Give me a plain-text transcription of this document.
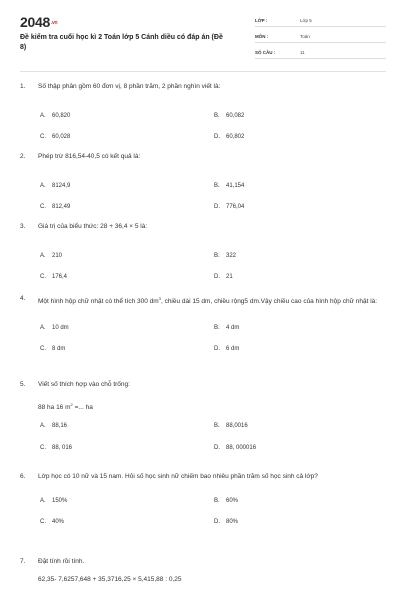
2048.vn
Đề kiểm tra cuối học kì 2 Toán lớp 5 Cánh diều có đáp án (Đề 8)
LỚP :	Lớp 5
MÔN :	Toán
SỐ CÂU :	11
1.	Số thập phân gồm 60 đơn vị, 8 phần trăm, 2 phần nghìn viết là:
A.	60,820	B.	60,082
C.	60,028	D.	60,802
2.	Phép trừ 816,54-40,5 có kết quả là:
A.	8124,9	B.	41,154
C.	812,49	D.	776,04
3.	Giá trị của biểu thức: 28 + 36,4 × 5 là:
A.	210	B.	322
C.	176,4	D.	21
4.	Một hình hộp chữ nhật có thể tích 300 $dm^3$, chiều dài 15 dm, chiều rộng5 dm.Vậy chiều cao của hình hộp chữ nhật là:
A.	10 dm	B.	4 dm
C.	8 dm	D.	6 dm
5.	Viết số thích hợp vào chỗ trống:
88 ha 16 $m^2$ =... ha
A.	88,16	B.	88,0016
C.	88, 016	D.	88, 000016
6.	Lớp học có 10 nữ và 15 nam. Hỏi số học sinh nữ chiếm bao nhiêu phần trăm số học sinh cả lớp?
A.	150%	B.	60%
C.	40%	D.	80%
7.	Đặt tính rồi tính.
62,35- 7,6257,648 + 35,3716,25 × 5,415,88 : 0,25
